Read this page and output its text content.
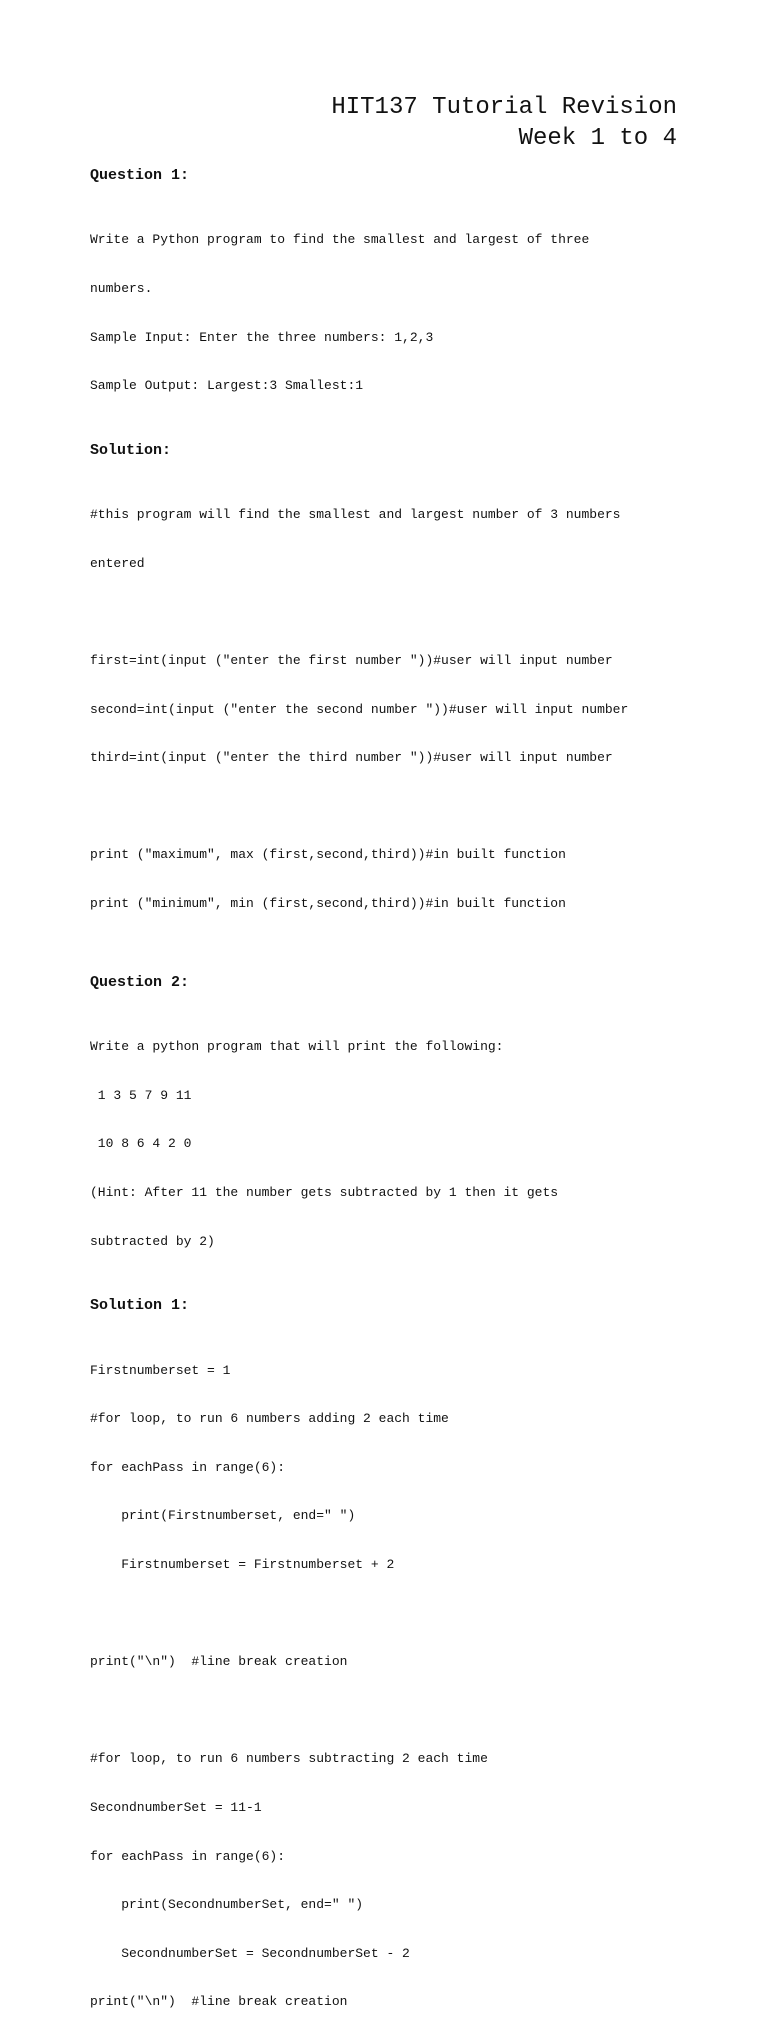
HIT137 Tutorial Revision
Week 1 to 4
Question 1:

Write a Python program to find the smallest and largest of three

numbers.

Sample Input: Enter the three numbers: 1,2,3

Sample Output: Largest:3 Smallest:1

Solution:

#this program will find the smallest and largest number of 3 numbers

entered

first=int(input ("enter the first number "))#user will input number

second=int(input ("enter the second number "))#user will input number

third=int(input ("enter the third number "))#user will input number

print ("maximum", max (first,second,third))#in built function

print ("minimum", min (first,second,third))#in built function

Question 2:

Write a python program that will print the following:

1 3 5 7 9 11

10 8 6 4 2 0

(Hint: After 11 the number gets subtracted by 1 then it gets

subtracted by 2)

Solution 1:

Firstnumberset = 1

#for loop, to run 6 numbers adding 2 each time

for eachPass in range(6):

print(Firstnumberset, end=" ")

Firstnumberset = Firstnumberset + 2

print("\n")  #line break creation

#for loop, to run 6 numbers subtracting 2 each time

SecondnumberSet = 11-1

for eachPass in range(6):

print(SecondnumberSet, end=" ")

SecondnumberSet = SecondnumberSet - 2

print("\n")  #line break creation
